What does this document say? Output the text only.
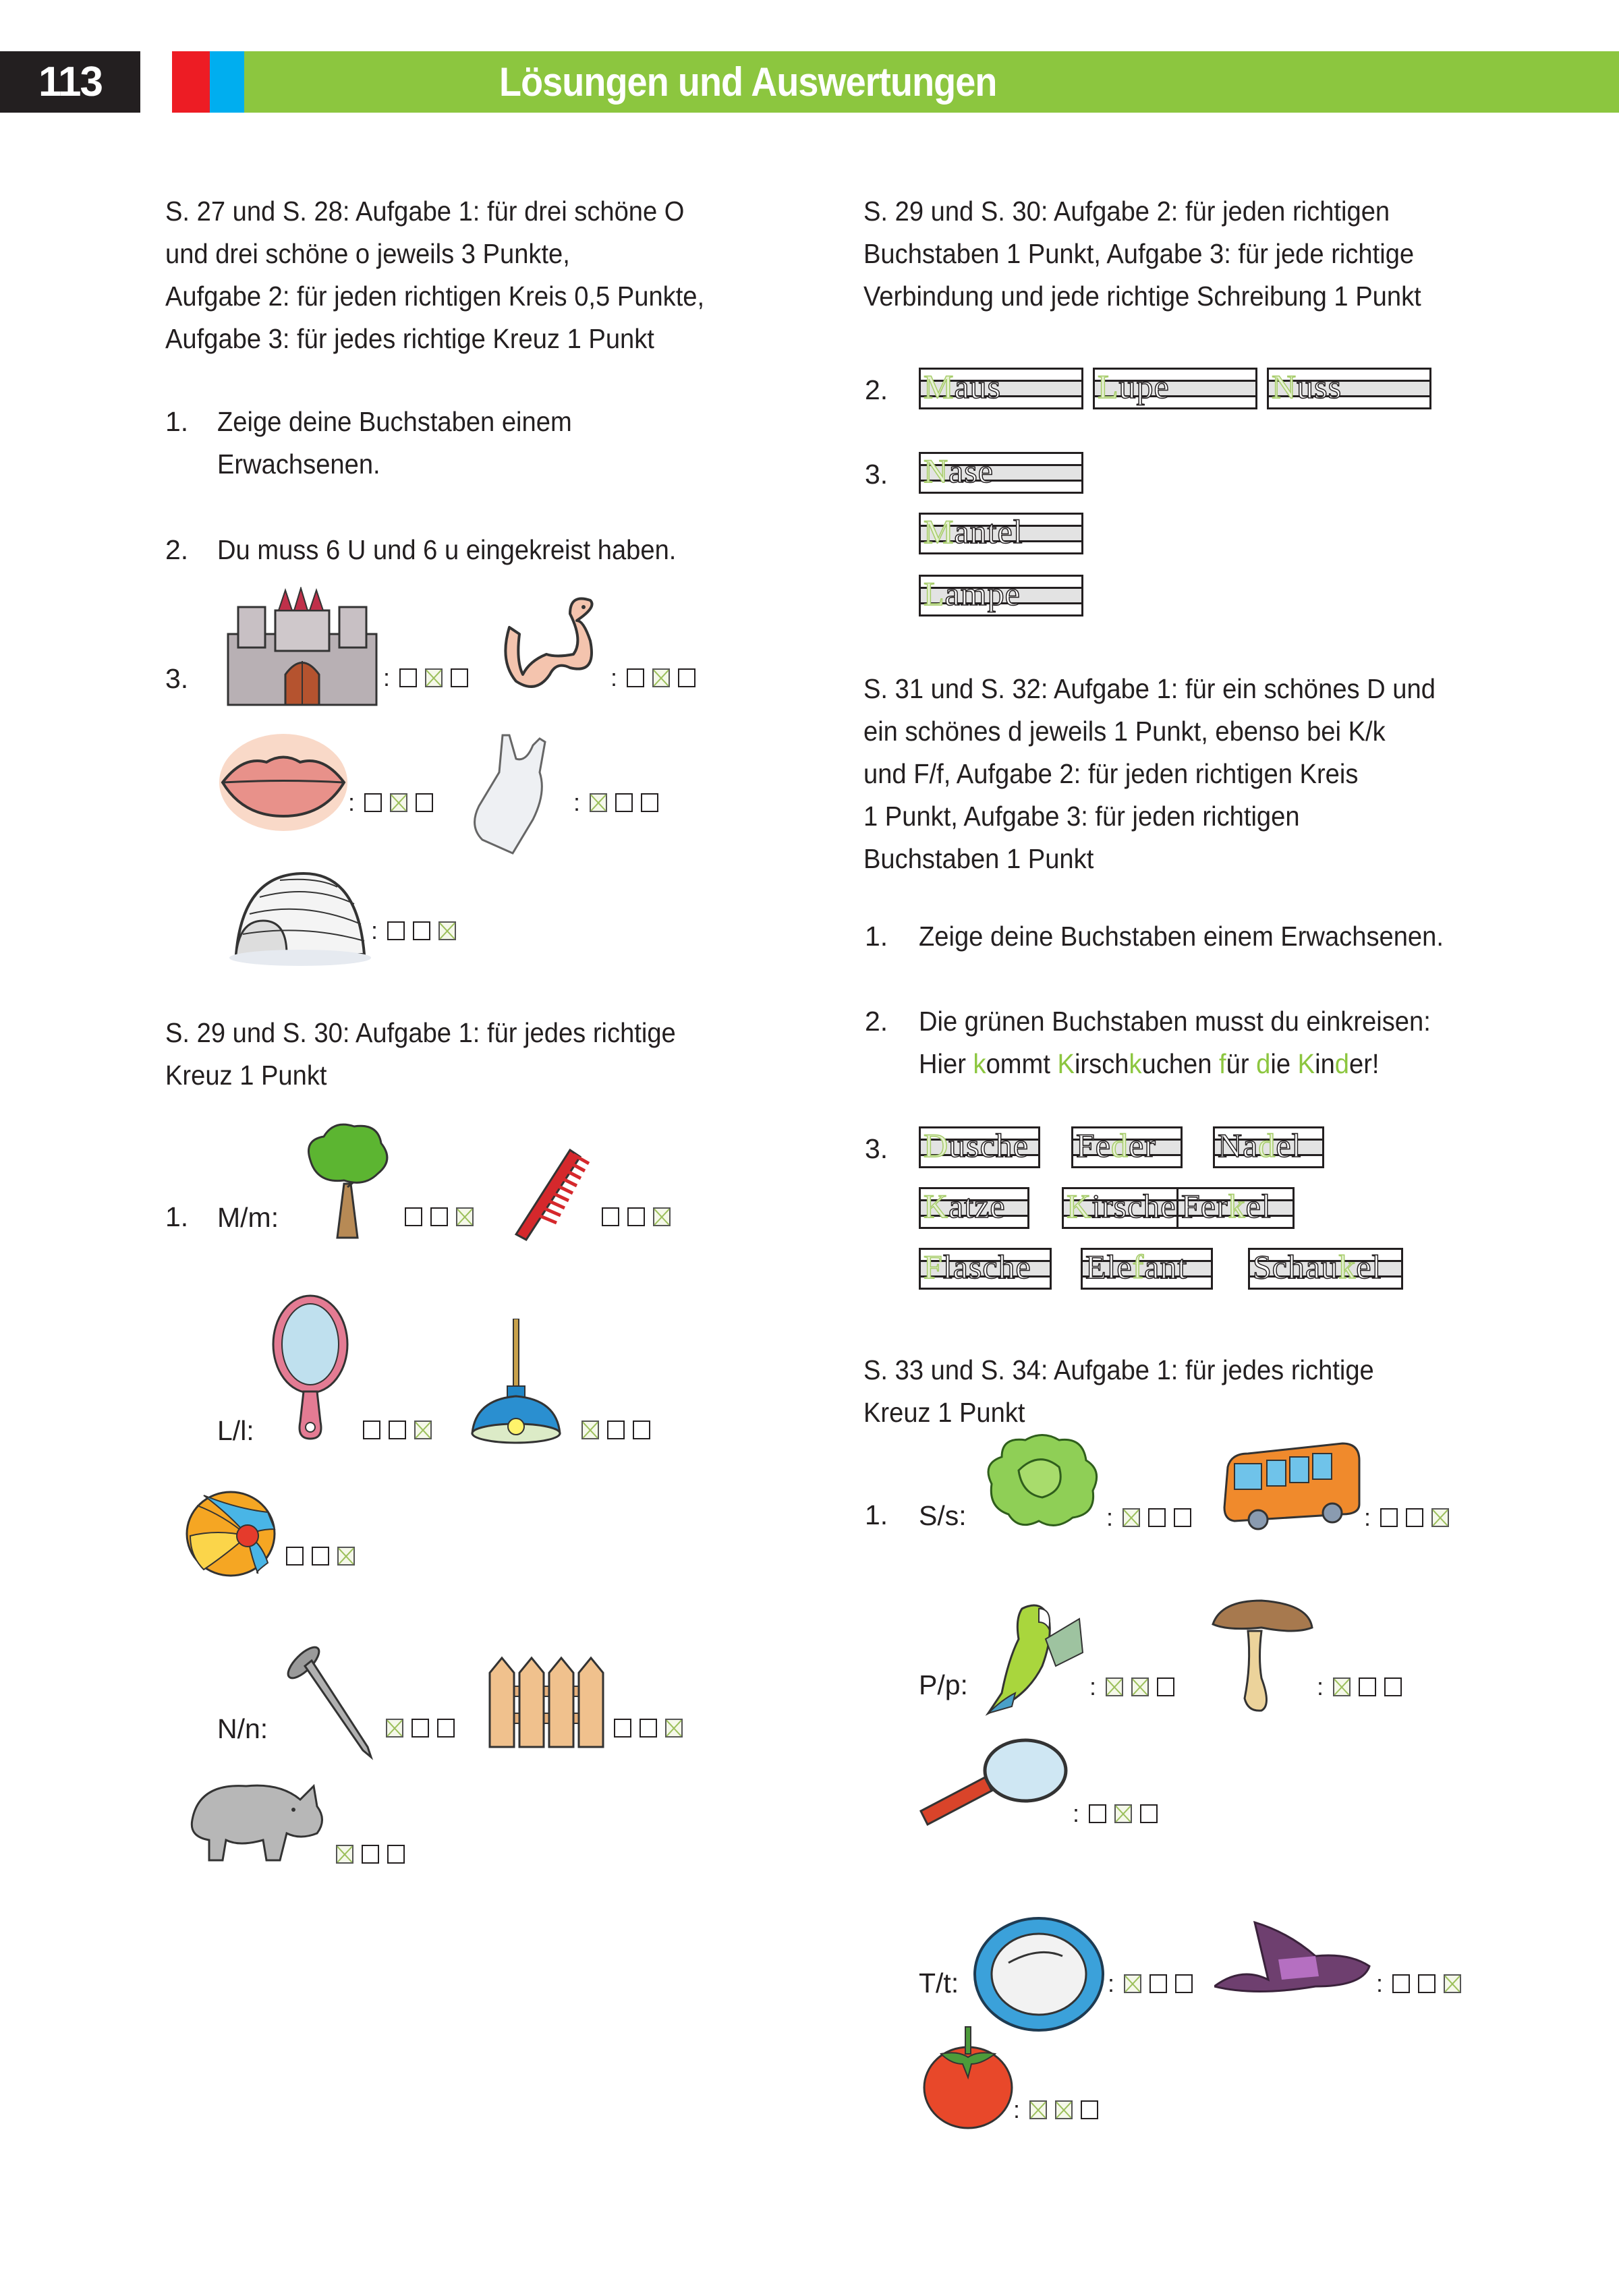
113	Lösungen und Auswertungen
S. 27 und S. 28: Aufgabe 1: für drei schöne O
und drei schöne o jeweils 3 Punkte,
Aufgabe 2: für jeden richtigen Kreis 0,5 Punkte,
Aufgabe 3: für jedes richtige Kreuz 1 Punkt
1. Zeige deine Buchstaben einem
Erwachsenen.
2. Du muss 6 U und 6 u eingekreist haben.
3.	:	:
:	:
:
S. 29 und S. 30: Aufgabe 1: für jedes richtige
Kreuz 1 Punkt
1. M/m:
L/l:
N/n:
S. 29 und S. 30: Aufgabe 2: für jeden richtigen
Buchstaben 1 Punkt, Aufgabe 3: für jede richtige
Verbindung und jede richtige Schreibung 1 Punkt
2. Maus	Lupe	Nuss
3. Nase
Mantel
Lampe
S. 31 und S. 32: Aufgabe 1: für ein schönes D und
ein schönes d jeweils 1 Punkt, ebenso bei K/k
und F/f, Aufgabe 2: für jeden richtigen Kreis
1 Punkt, Aufgabe 3: für jeden richtigen
Buchstaben 1 Punkt
1. Zeige deine Buchstaben einem Erwachsenen.
2. Die grünen Buchstaben musst du einkreisen:
Hier kommt Kirschkuchen für die Kinder!
3. Dusche Feder Nadel
Katze Kirsche Ferkel
Flasche Elefant Schaukel
S. 33 und S. 34: Aufgabe 1: für jedes richtige
Kreuz 1 Punkt
1. S/s:	:	:
P/p:	:	:
:
T/t:	:	:
:
